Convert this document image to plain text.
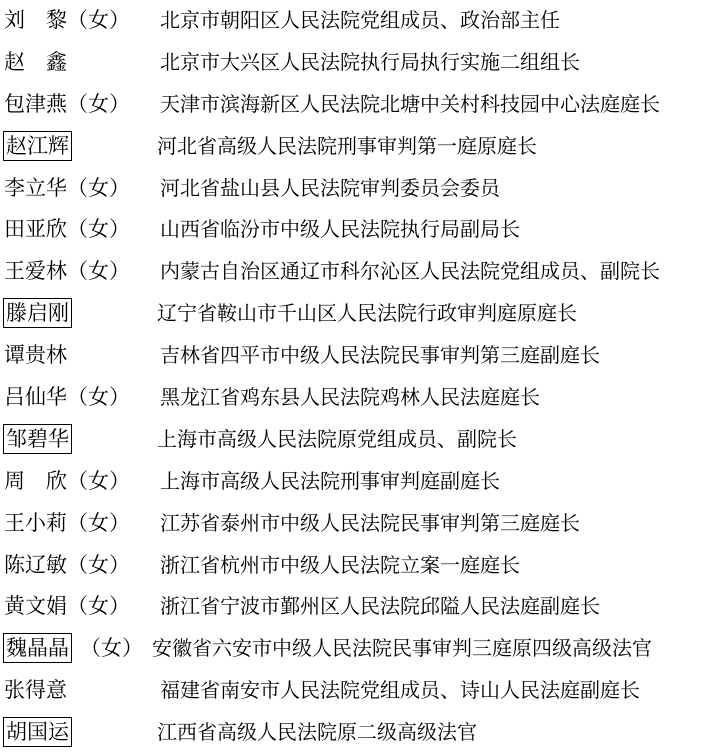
刘　黎（女） 北京市朝阳区人民法院党组成员、政治部主任
赵　鑫	北京市大兴区人民法院执行局执行实施二组组长
包津燕（女） 天津市滨海新区人民法院北塘中关村科技园中心法庭庭长
赵江辉	河北省高级人民法院刑事审判第一庭原庭长
李立华（女） 河北省盐山县人民法院审判委员会委员
田亚欣（女） 山西省临汾市中级人民法院执行局副局长
王爱林（女） 内蒙古自治区通辽市科尔沁区人民法院党组成员、副院长
滕启刚	辽宁省鞍山市千山区人民法院行政审判庭原庭长
谭贵林	吉林省四平市中级人民法院民事审判第三庭副庭长
吕仙华（女） 黑龙江省鸡东县人民法院鸡林人民法庭庭长
邹碧华	上海市高级人民法院原党组成员、副院长
周　欣（女） 上海市高级人民法院刑事审判庭副庭长
王小莉（女） 江苏省泰州市中级人民法院民事审判第三庭庭长
陈辽敏（女） 浙江省杭州市中级人民法院立案一庭庭长
黄文娟（女） 浙江省宁波市鄞州区人民法院邱隘人民法庭副庭长
魏晶晶 （女） 安徽省六安市中级人民法院民事审判三庭原四级高级法官
张得意	福建省南安市人民法院党组成员、诗山人民法庭副庭长
胡国运	江西省高级人民法院原二级高级法官
